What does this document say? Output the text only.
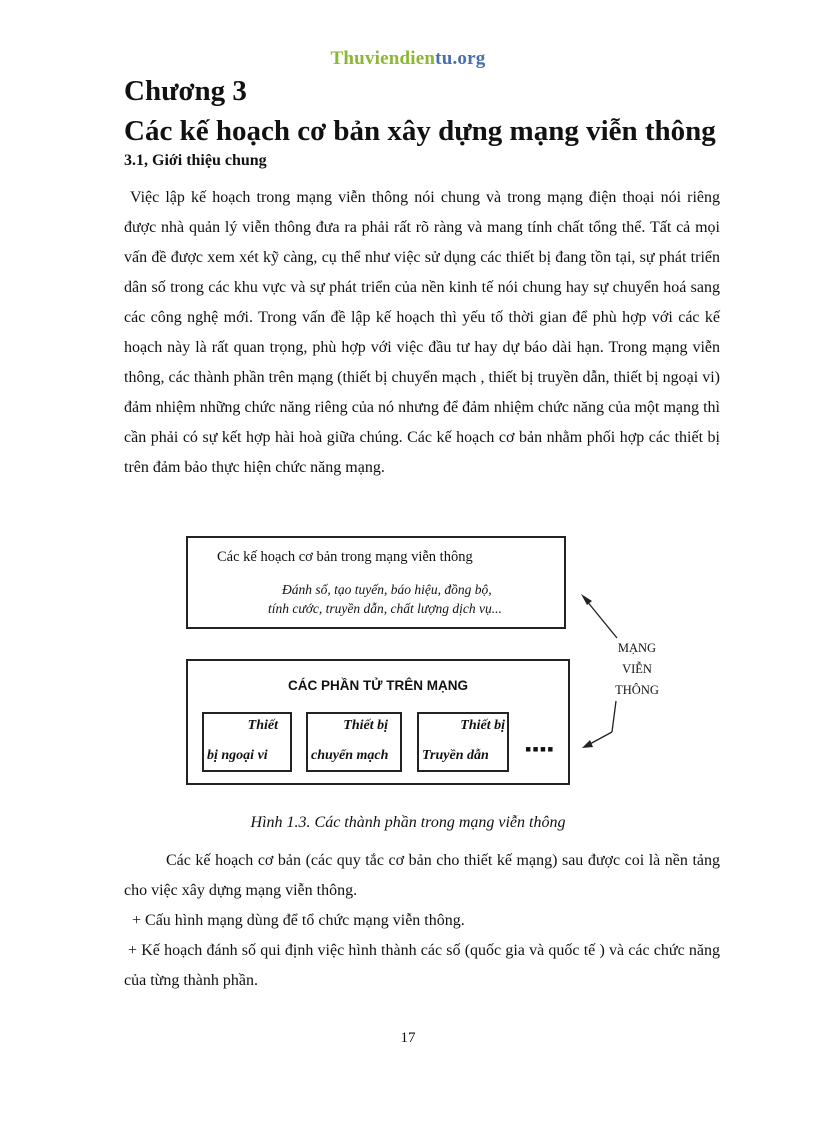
Thuviendientu.org
Chương 3
Các kế hoạch cơ bản xây dựng mạng viễn thông
3.1, Giới thiệu chung

Việc lập kế hoạch trong mạng viễn thông nói chung và trong mạng điện thoại nói riêng được nhà quản lý viễn thông đưa ra phải rất rõ ràng và mang tính chất tổng thể. Tất cả mọi vấn đề được xem xét kỹ càng, cụ thể như việc sử dụng các thiết bị đang tồn tại, sự phát triển dân số trong các khu vực và sự phát triển của nền kinh tế nói chung hay sự chuyển hoá sang các công nghệ mới. Trong vấn đề lập kế hoạch thì yếu tố thời gian để phù hợp với các kế hoạch này là rất quan trọng, phù hợp với việc đầu tư hay dự báo dài hạn. Trong mạng viễn thông, các thành phần trên mạng (thiết bị chuyển mạch , thiết bị truyền dẫn, thiết bị ngoại vi) đảm nhiệm những chức năng riêng của nó nhưng để đảm nhiệm chức năng của một mạng thì cần phải có sự kết hợp hài hoà giữa chúng. Các kế hoạch cơ bản nhằm phối hợp các thiết bị trên đảm bảo thực hiện chức năng mạng.

Các kế hoạch cơ bản trong mạng viễn thông
Đánh số, tạo tuyến, báo hiệu, đồng bộ,
tính cước, truyền dẫn, chất lượng dịch vụ...
CÁC PHẦN TỬ TRÊN MẠNG
Thiết
bị ngoại vi
Thiết bị
chuyển mạch
Thiết bị
Truyền dẫn ▪▪▪▪
MẠNG
VIỄN
THÔNG
Hình 1.3. Các thành phần trong mạng viễn thông

Các kế hoạch cơ bản (các quy tắc cơ bản cho thiết kế mạng) sau được coi là nền tảng cho việc xây dựng mạng viễn thông.

+ Cấu hình mạng dùng để tổ chức mạng viễn thông.

+ Kế hoạch đánh số qui định việc hình thành các số (quốc gia và quốc tế ) và các chức năng của từng thành phần.

17
